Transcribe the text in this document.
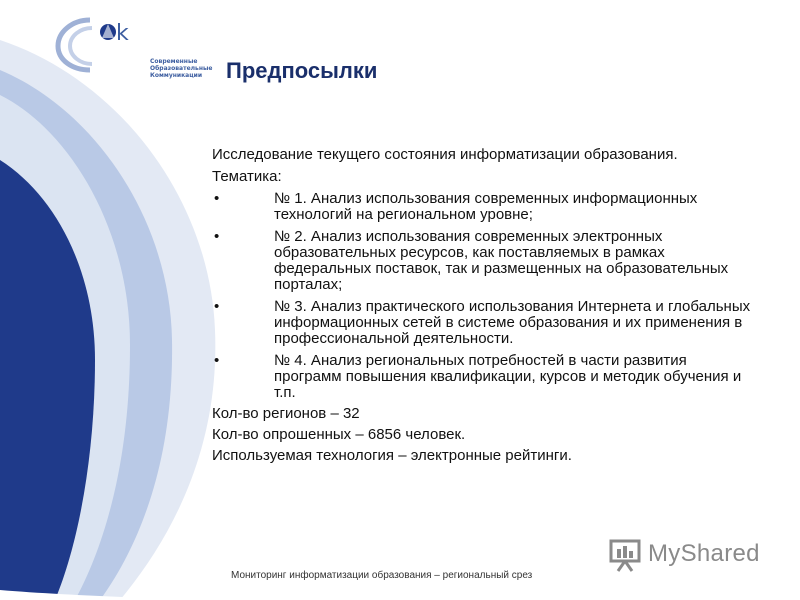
k
Современные
Образовательные
Коммуникации	Предпосылки

Исследование текущего состояния информатизации образования.

Тематика:

•	№ 1. Анализ использования современных информационных технологий на региональном уровне;
•	№ 2. Анализ использования современных электронных образовательных ресурсов, как поставляемых в рамках федеральных поставок, так и размещенных на образовательных порталах;
•	№ 3. Анализ практического использования Интернета и глобальных информационных сетей в системе образования и их применения в профессиональной деятельности.
•	№ 4. Анализ региональных потребностей в части развития программ повышения квалификации, курсов и методик обучения и т.п.

Кол-во регионов – 32

Кол-во опрошенных – 6856 человек.

Используемая технология – электронные рейтинги.

MyShared
Мониторинг информатизации образования – региональный срез
